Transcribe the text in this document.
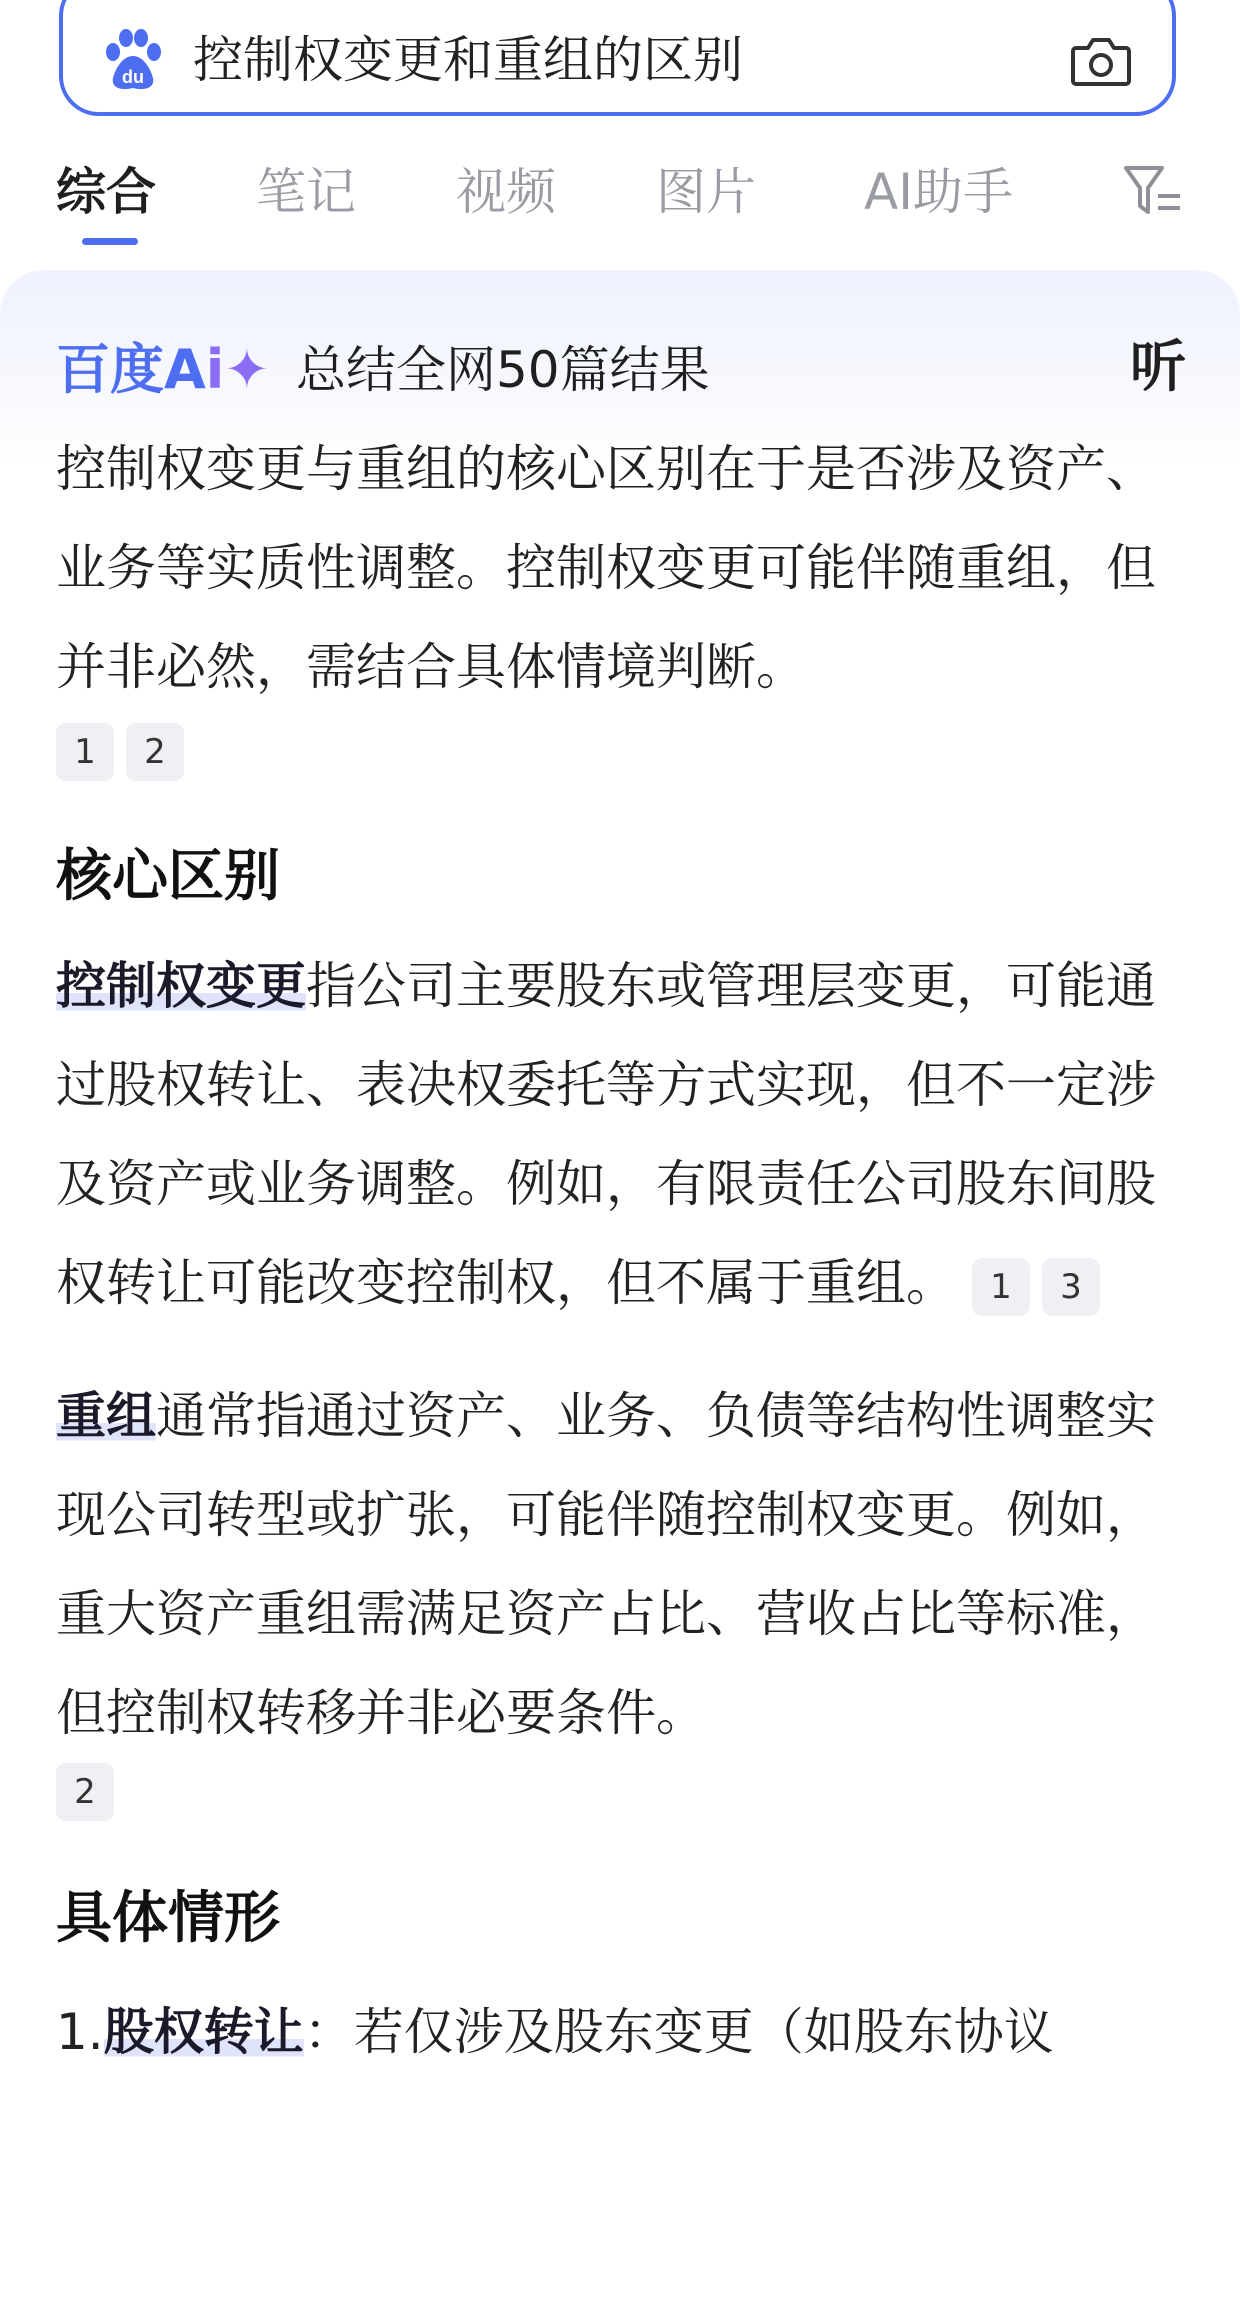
du 控制权变更和重组的区别
综合 笔记 视频 图片 AI助手
百度Ai✦ 总结全网50篇结果	听

控制权变更与重组的核心区别在于是否涉及资产、业务等实质性调整。控制权变更可能伴随重组，但并非必然，需结合具体情境判断。

1 2
核心区别

控制权变更指公司主要股东或管理层变更，可能通过股权转让、表决权委托等方式实现，但不一定涉及资产或业务调整。例如，有限责任公司股东间股权转让可能改变控制权，但不属于重组。 1 3

重组通常指通过资产、业务、负债等结构性调整实现公司转型或扩张，可能伴随控制权变更。例如，重大资产重组需满足资产占比、营收占比等标准，但控制权转移并非必要条件。

2
具体情形

1.股权转让：若仅涉及股东变更（如股东协议
